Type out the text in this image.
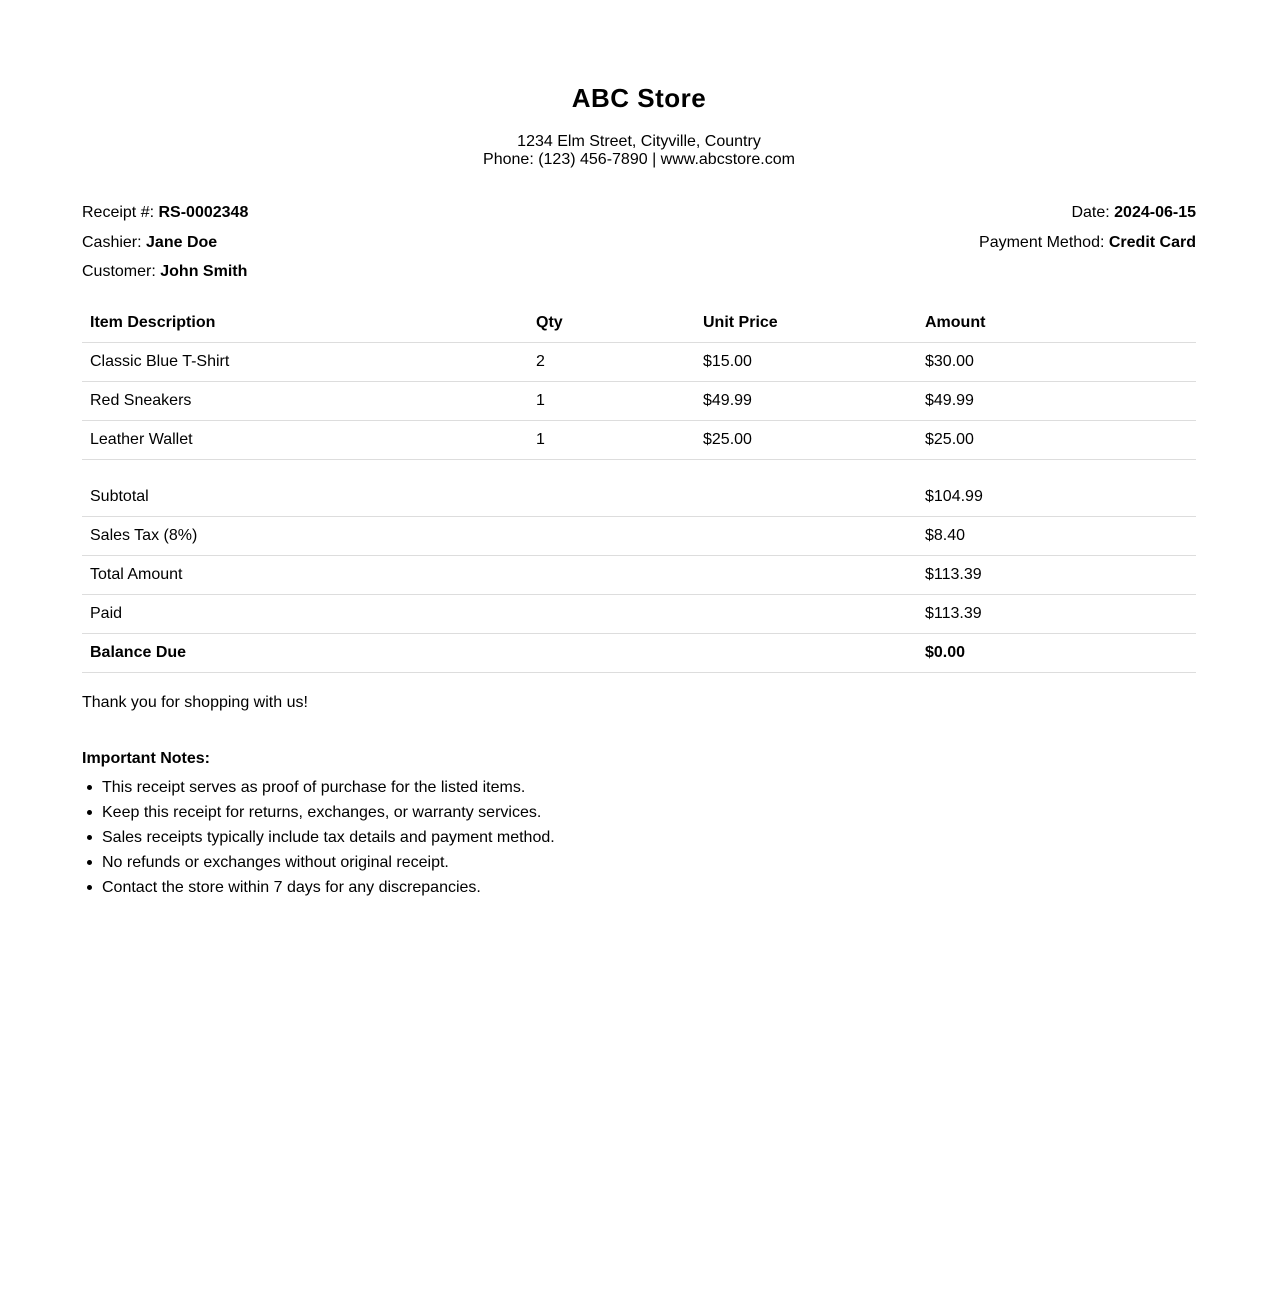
ABC Store
1234 Elm Street, Cityville, Country
Phone: (123) 456-7890 | www.abcstore.com
Receipt #: RS-0002348
Cashier: Jane Doe
Customer: John Smith
Date: 2024-06-15
Payment Method: Credit Card
Item Description	Qty	Unit Price	Amount
Classic Blue T-Shirt	2	$15.00	$30.00
Red Sneakers	1	$49.99	$49.99
Leather Wallet	1	$25.00	$25.00
Subtotal	$104.99
Sales Tax (8%)	$8.40
Total Amount	$113.39
Paid	$113.39
Balance Due	$0.00
Thank you for shopping with us!
Important Notes:
This receipt serves as proof of purchase for the listed items.
Keep this receipt for returns, exchanges, or warranty services.
Sales receipts typically include tax details and payment method.
No refunds or exchanges without original receipt.
Contact the store within 7 days for any discrepancies.
